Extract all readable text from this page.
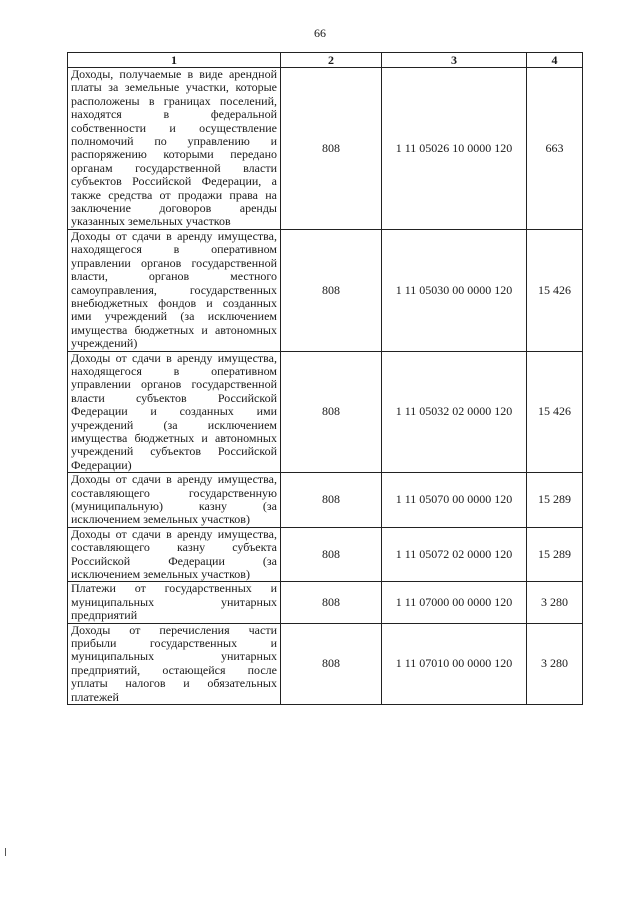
66
1	2	3	4
Доходы, получаемые в виде арендной платы за земельные участки, которые расположены в границах поселений, находятся в федеральной собственности и осуществление полномочий по управлению и распоряжению которыми передано органам государственной власти субъектов Российской Федерации, а также средства от продажи права на заключение договоров аренды указанных земельных участков	808	1 11 05026 10 0000 120	663
Доходы от сдачи в аренду имущества, находящегося в оперативном управлении органов государственной власти, органов местного самоуправления, государственных внебюджетных фондов и созданных ими учреждений (за исключением имущества бюджетных и автономных учреждений)	808	1 11 05030 00 0000 120	15 426
Доходы от сдачи в аренду имущества, находящегося в оперативном управлении органов государственной власти субъектов Российской Федерации и созданных ими учреждений (за исключением имущества бюджетных и автономных учреждений субъектов Российской Федерации)	808	1 11 05032 02 0000 120	15 426
Доходы от сдачи в аренду имущества, составляющего государственную (муниципальную) казну (за исключением земельных участков)	808	1 11 05070 00 0000 120	15 289
Доходы от сдачи в аренду имущества, составляющего казну субъекта Российской Федерации (за исключением земельных участков)	808	1 11 05072 02 0000 120	15 289
Платежи от государственных и муниципальных унитарных предприятий	808	1 11 07000 00 0000 120	3 280
Доходы от перечисления части прибыли государственных и муниципальных унитарных предприятий, остающейся после уплаты налогов и обязательных платежей	808	1 11 07010 00 0000 120	3 280
